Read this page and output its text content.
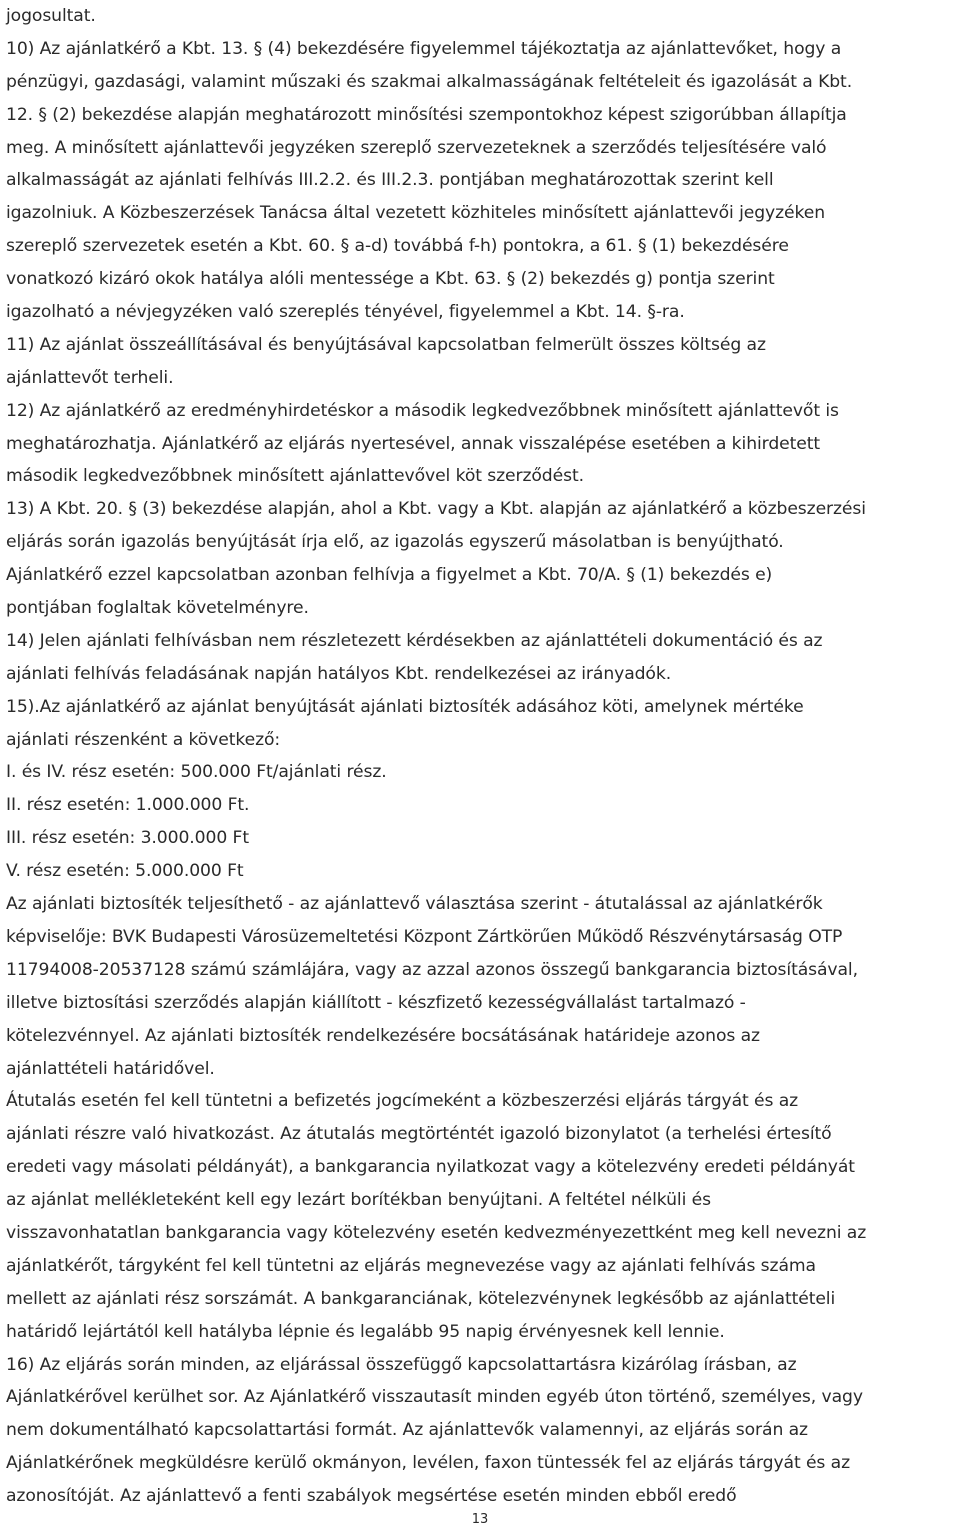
jogosultat.
10) Az ajánlatkérő a Kbt. 13. § (4) bekezdésére figyelemmel tájékoztatja az ajánlattevőket, hogy a
pénzügyi, gazdasági, valamint műszaki és szakmai alkalmasságának feltételeit és igazolását a Kbt.
12. § (2) bekezdése alapján meghatározott minősítési szempontokhoz képest szigorúbban állapítja
meg. A minősített ajánlattevői jegyzéken szereplő szervezeteknek a szerződés teljesítésére való
alkalmasságát az ajánlati felhívás III.2.2. és III.2.3. pontjában meghatározottak szerint kell
igazolniuk. A Közbeszerzések Tanácsa által vezetett közhiteles minősített ajánlattevői jegyzéken
szereplő szervezetek esetén a Kbt. 60. § a-d) továbbá f-h) pontokra, a 61. § (1) bekezdésére
vonatkozó kizáró okok hatálya alóli mentessége a Kbt. 63. § (2) bekezdés g) pontja szerint
igazolható a névjegyzéken való szereplés tényével, figyelemmel a Kbt. 14. §-ra.
11) Az ajánlat összeállításával és benyújtásával kapcsolatban felmerült összes költség az
ajánlattevőt terheli.
12) Az ajánlatkérő az eredményhirdetéskor a második legkedvezőbbnek minősített ajánlattevőt is
meghatározhatja. Ajánlatkérő az eljárás nyertesével, annak visszalépése esetében a kihirdetett
második legkedvezőbbnek minősített ajánlattevővel köt szerződést.
13) A Kbt. 20. § (3) bekezdése alapján, ahol a Kbt. vagy a Kbt. alapján az ajánlatkérő a közbeszerzési
eljárás során igazolás benyújtását írja elő, az igazolás egyszerű másolatban is benyújtható.
Ajánlatkérő ezzel kapcsolatban azonban felhívja a figyelmet a Kbt. 70/A. § (1) bekezdés e)
pontjában foglaltak követelményre.
14) Jelen ajánlati felhívásban nem részletezett kérdésekben az ajánlattételi dokumentáció és az
ajánlati felhívás feladásának napján hatályos Kbt. rendelkezései az irányadók.
15).Az ajánlatkérő az ajánlat benyújtását ajánlati biztosíték adásához köti, amelynek mértéke
ajánlati részenként a következő:
I. és IV. rész esetén: 500.000 Ft/ajánlati rész.
II. rész esetén: 1.000.000 Ft.
III. rész esetén: 3.000.000 Ft
V. rész esetén: 5.000.000 Ft
Az ajánlati biztosíték teljesíthető - az ajánlattevő választása szerint - átutalással az ajánlatkérők
képviselője: BVK Budapesti Városüzemeltetési Központ Zártkörűen Működő Részvénytársaság OTP
11794008-20537128 számú számlájára, vagy az azzal azonos összegű bankgarancia biztosításával,
illetve biztosítási szerződés alapján kiállított - készfizető kezességvállalást tartalmazó -
kötelezvénnyel. Az ajánlati biztosíték rendelkezésére bocsátásának határideje azonos az
ajánlattételi határidővel.
Átutalás esetén fel kell tüntetni a befizetés jogcímeként a közbeszerzési eljárás tárgyát és az
ajánlati részre való hivatkozást. Az átutalás megtörténtét igazoló bizonylatot (a terhelési értesítő
eredeti vagy másolati példányát), a bankgarancia nyilatkozat vagy a kötelezvény eredeti példányát
az ajánlat mellékleteként kell egy lezárt borítékban benyújtani. A feltétel nélküli és
visszavonhatatlan bankgarancia vagy kötelezvény esetén kedvezményezettként meg kell nevezni az
ajánlatkérőt, tárgyként fel kell tüntetni az eljárás megnevezése vagy az ajánlati felhívás száma
mellett az ajánlati rész sorszámát. A bankgaranciának, kötelezvénynek legkésőbb az ajánlattételi
határidő lejártától kell hatályba lépnie és legalább 95 napig érvényesnek kell lennie.
16) Az eljárás során minden, az eljárással összefüggő kapcsolattartásra kizárólag írásban, az
Ajánlatkérővel kerülhet sor. Az Ajánlatkérő visszautasít minden egyéb úton történő, személyes, vagy
nem dokumentálható kapcsolattartási formát. Az ajánlattevők valamennyi, az eljárás során az
Ajánlatkérőnek megküldésre kerülő okmányon, levélen, faxon tüntessék fel az eljárás tárgyát és az
azonosítóját. Az ajánlattevő a fenti szabályok megsértése esetén minden ebből eredő
13
